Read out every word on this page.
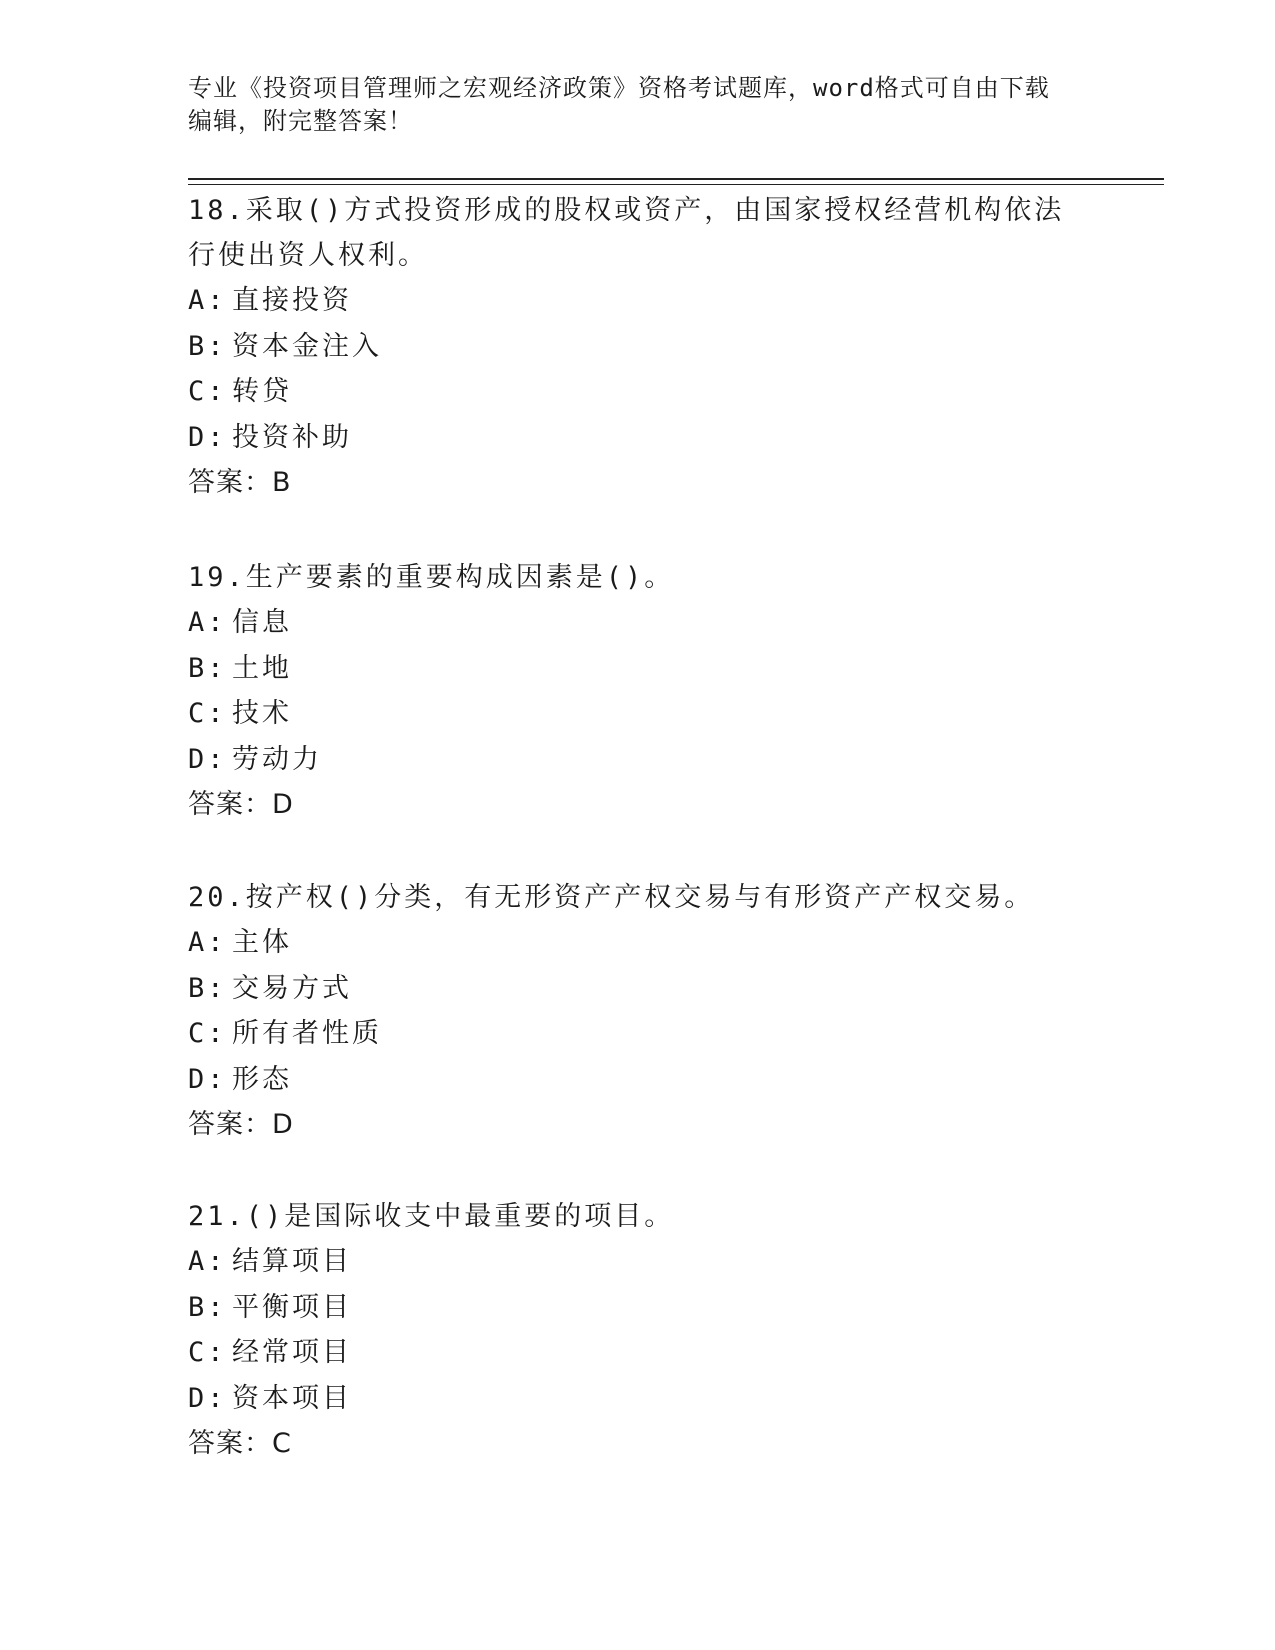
专业《投资项目管理师之宏观经济政策》资格考试题库，word格式可自由下载编辑，附完整答案！

18.采取()方式投资形成的股权或资产，由国家授权经营机构依法行使出资人权利。

A: 直接投资

B: 资本金注入

C: 转贷

D: 投资补助

答案：B

19.生产要素的重要构成因素是()。

A: 信息

B: 土地

C: 技术

D: 劳动力

答案：D

20.按产权()分类，有无形资产产权交易与有形资产产权交易。

A: 主体

B: 交易方式

C: 所有者性质

D: 形态

答案：D

21.()是国际收支中最重要的项目。

A: 结算项目

B: 平衡项目

C: 经常项目

D: 资本项目

答案：C
